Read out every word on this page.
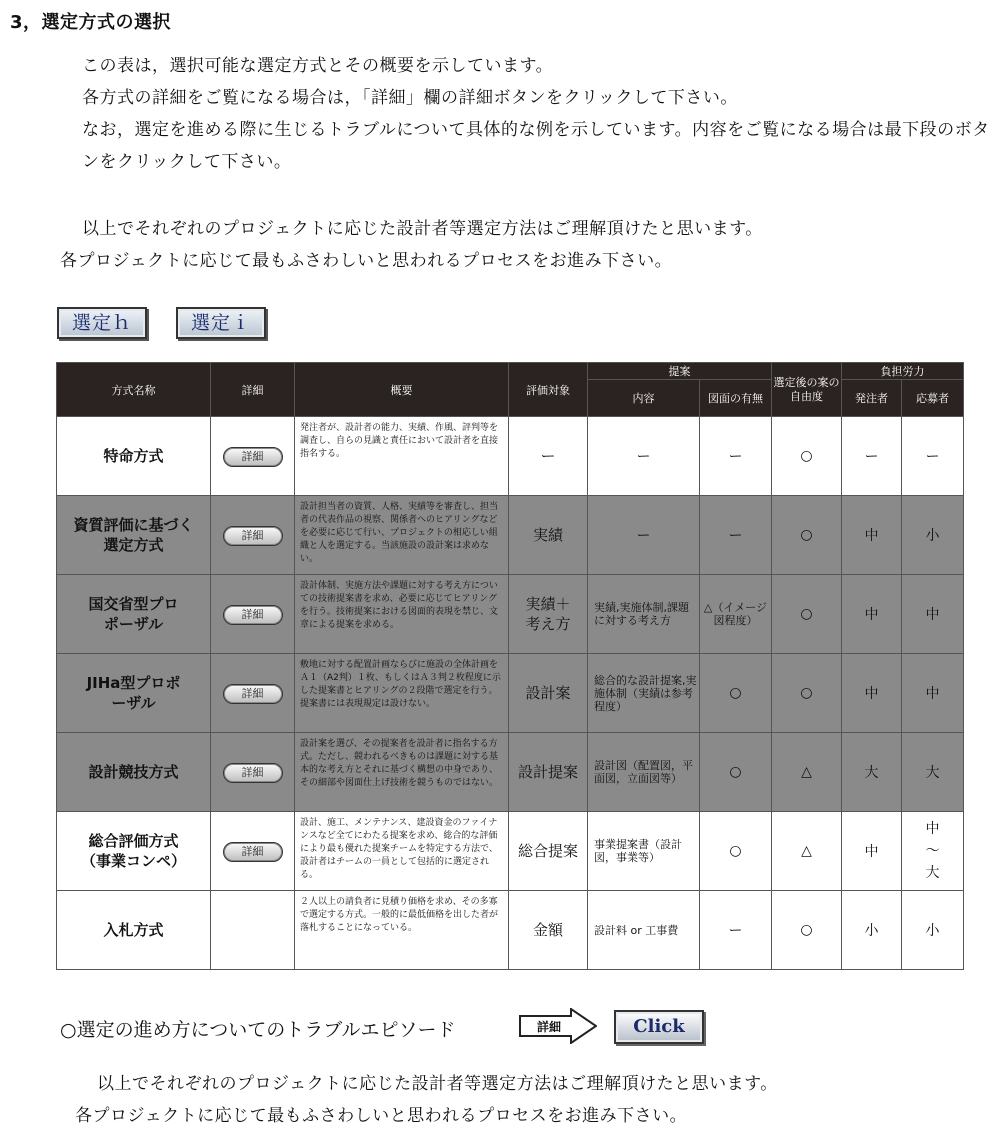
3，選定方式の選択
この表は，選択可能な選定方式とその概要を示しています。
各方式の詳細をご覧になる場合は，「詳細」欄の詳細ボタンをクリックして下さい。
なお，選定を進める際に生じるトラブルについて具体的な例を示しています。内容をご覧になる場合は最下段のボタンをクリックして下さい。
以上でそれぞれのプロジェクトに応じた設計者等選定方法はご理解頂けたと思います。
各プロジェクトに応じて最もふさわしいと思われるプロセスをお進み下さい。
選定ｈ	選定ｉ
方式名称	詳細	概要	評価対象	提案		選定後の案の自由度	負担労力	
				内容	図面の有無		発注者	応募者
特命方式	詳細	発注者が、設計者の能力、実績、作風、評判等を調査し、自らの見識と責任において設計者を直接指名する。	ー	ー	ー	○	ー	ー
資質評価に基づく選定方式	詳細	設計担当者の資質、人格、実績等を審査し、担当者の代表作品の視察、関係者へのヒアリングなどを必要に応じて行い、プロジェクトの相応しい組織と人を選定する。当該施設の設計案は求めない。	実績	ー	ー	○	中	小
国交省型プロポーザル	詳細	設計体制、実施方法や課題に対する考え方についての技術提案書を求め、必要に応じてヒアリングを行う。技術提案における図面的表現を禁じ、文章による提案を求める。	実績＋考え方	実績,実施体制,課題に対する考え方	△（イメージ図程度）	○	中	中
JIHa型プロポーザル	詳細	敷地に対する配置計画ならびに施設の全体計画をＡ１（A2判）１枚、もしくはＡ３判２枚程度に示した提案書とヒアリングの２段階で選定を行う。提案書には表現規定は設けない。	設計案	総合的な設計提案,実施体制（実績は参考程度）	○	○	中	中
設計競技方式	詳細	設計案を選び、その提案者を設計者に指名する方式。ただし、競われるべきものは課題に対する基本的な考え方とそれに基づく構想の中身であり、その細部や図面仕上げ技術を競うものではない。	設計提案	設計図（配置図，平面図，立面図等）	○	△	大	大
総合評価方式（事業コンペ）	詳細	設計、施工、メンテナンス、建設資金のファイナンスなど全てにわたる提案を求め、総合的な評価により最も優れた提案チームを特定する方法で、設計者はチームの一員として包括的に選定される。	総合提案	事業提案書（設計図，事業等）	○	△	中	中～大
入札方式		２人以上の請負者に見積り価格を求め、その多寡で選定する方式。一般的に最低価格を出した者が落札することになっている。	金額	設計料 or 工事費	ー	○	小	小
○選定の進め方についてのトラブルエピソード	詳細	Click
以上でそれぞれのプロジェクトに応じた設計者等選定方法はご理解頂けたと思います。
各プロジェクトに応じて最もふさわしいと思われるプロセスをお進み下さい。
